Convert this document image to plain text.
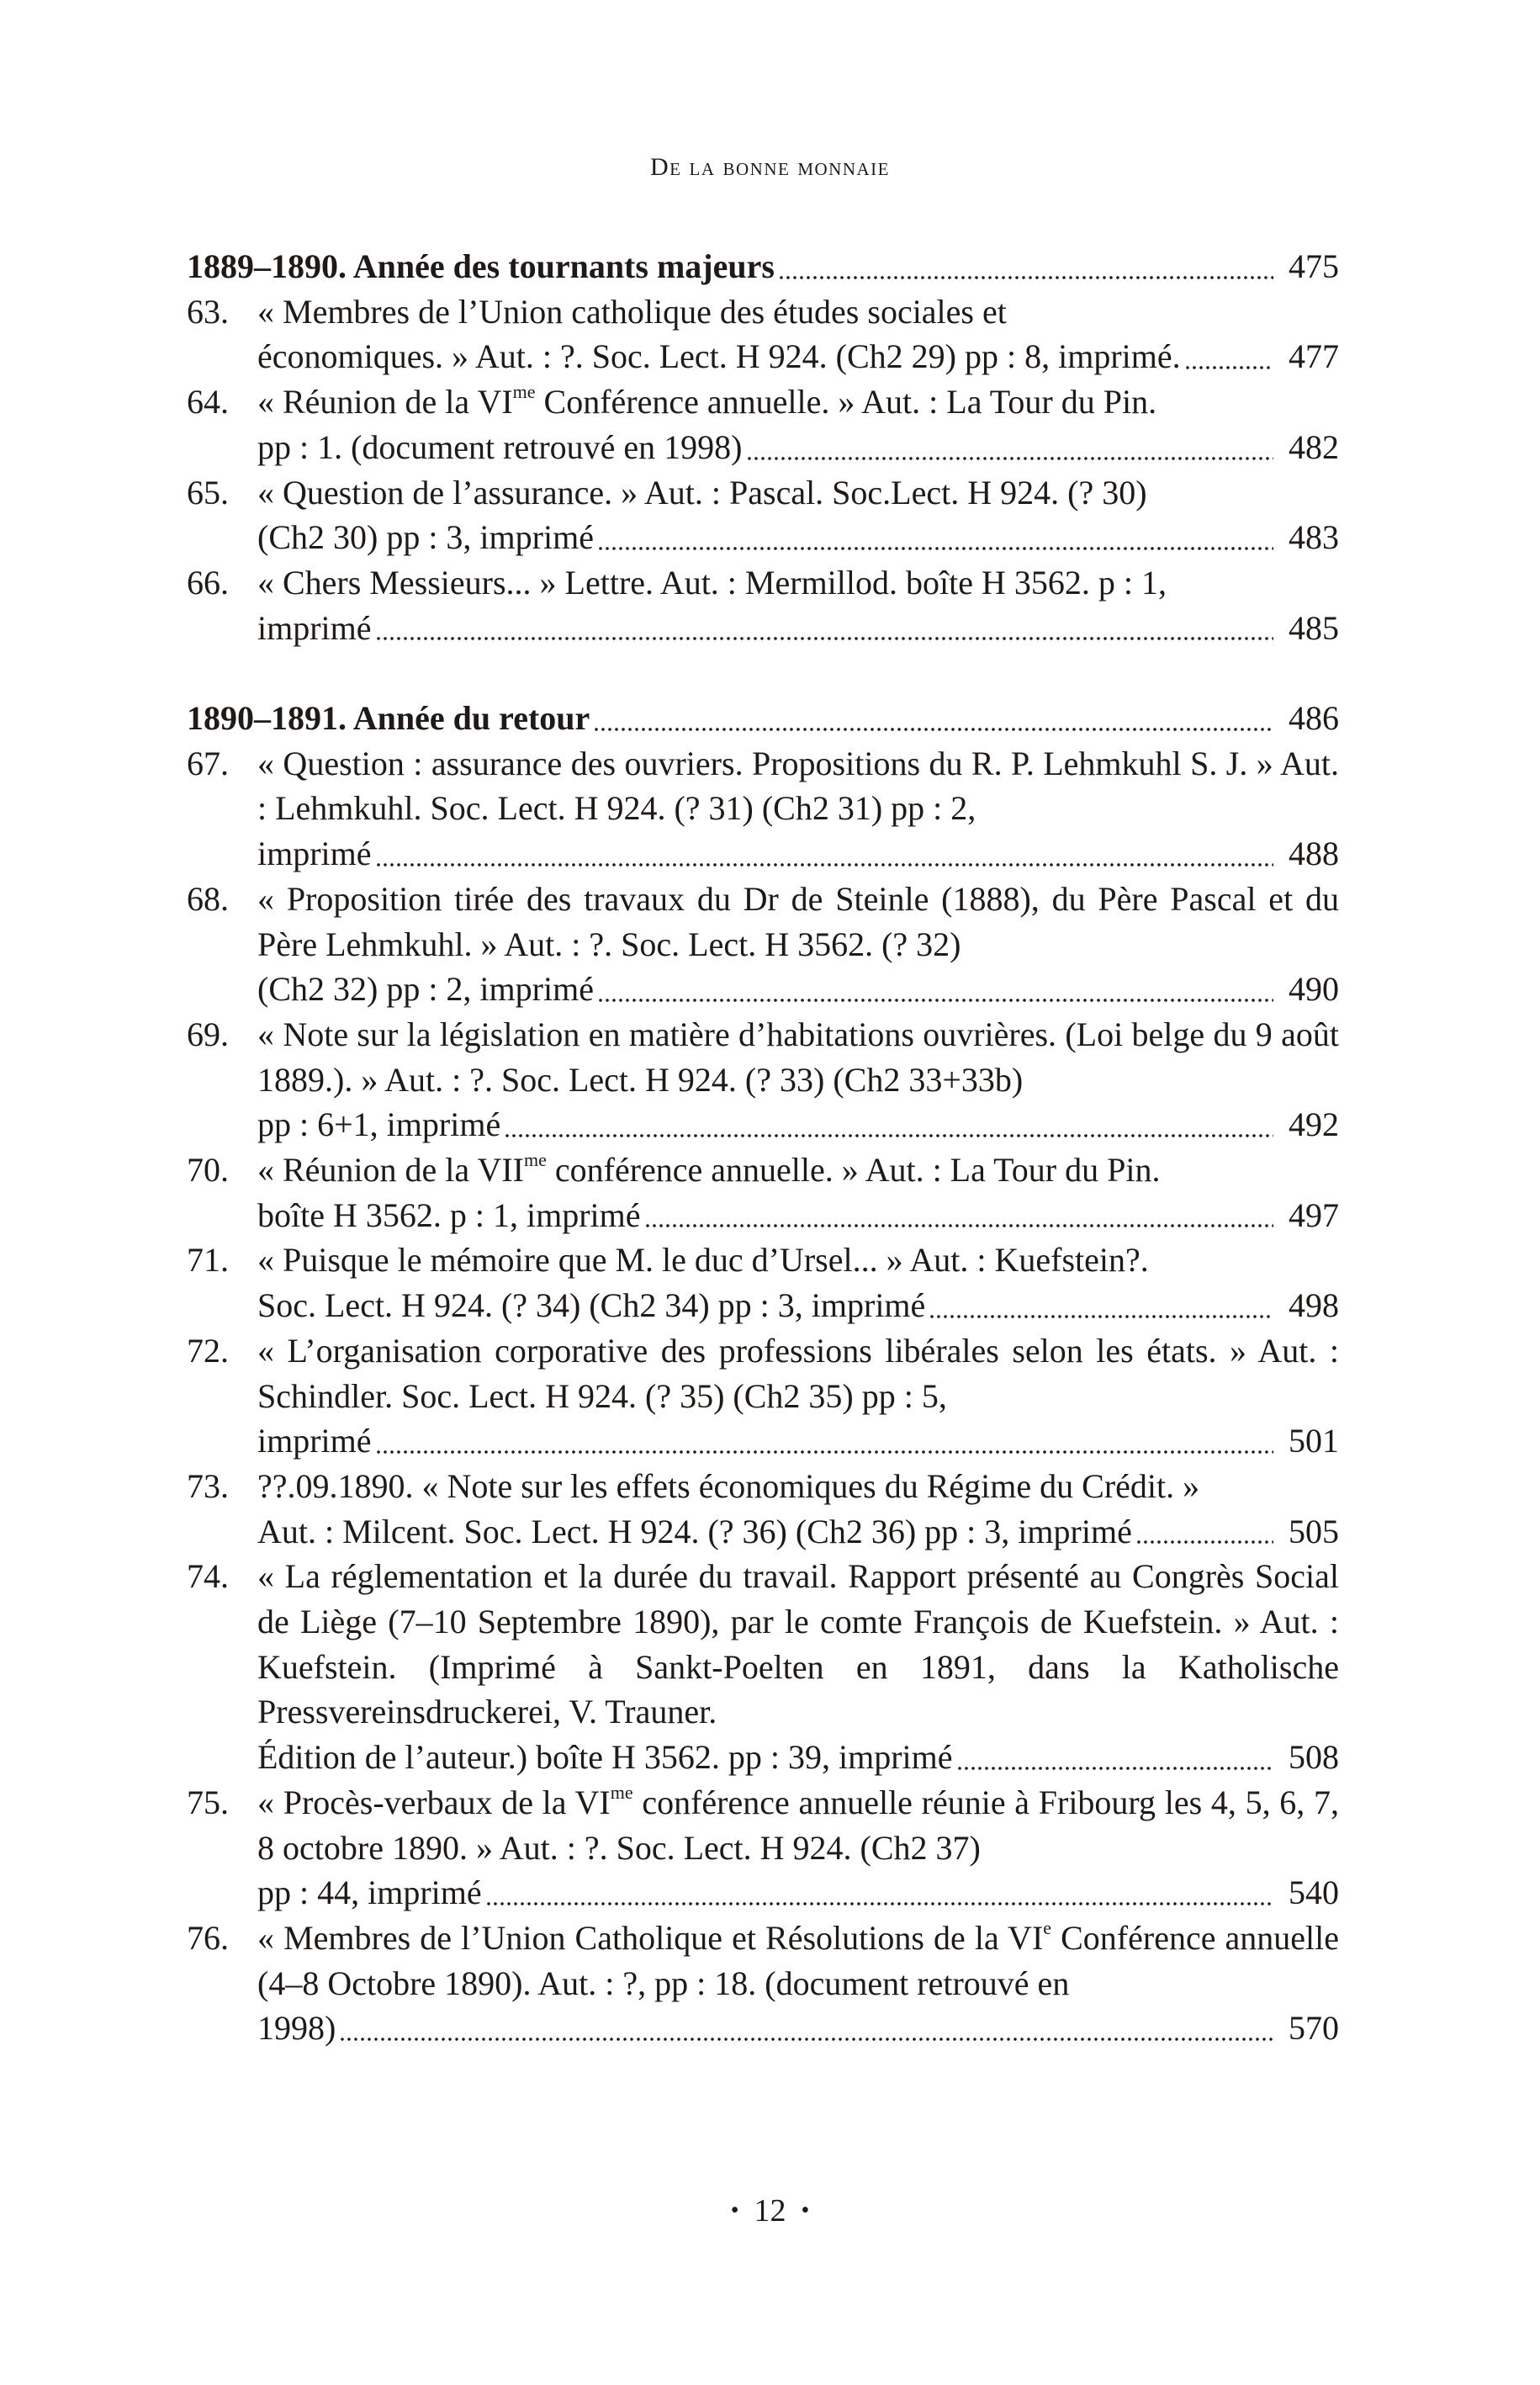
De la bonne monnaie
1889–1890. Année des tournants majeurs	475
63. « Membres de l’Union catholique des études sociales et
économiques. » Aut. : ?. Soc. Lect. H 924. (Ch2 29) pp : 8, imprimé.	477
64. « Réunion de la $VI^{me}$ Conférence annuelle. » Aut. : La Tour du Pin.
pp : 1. (document retrouvé en 1998)	482
65. « Question de l’assurance. » Aut. : Pascal. Soc.Lect. H 924. (? 30)
(Ch2 30) pp : 3, imprimé	483
66. « Chers Messieurs... » Lettre. Aut. : Mermillod. boîte H 3562. p : 1,
imprimé	485
1890–1891. Année du retour	486
67. « Question : assurance des ouvriers. Propositions du R. P. Lehmkuhl S. J. » Aut. : Lehmkuhl. Soc. Lect. H 924. (? 31) (Ch2 31) pp : 2,
imprimé	488
68. « Proposition tirée des travaux du Dr de Steinle (1888), du Père Pascal et du Père Lehmkuhl. » Aut. : ?. Soc. Lect. H 3562. (? 32)
(Ch2 32) pp : 2, imprimé	490
69. « Note sur la législation en matière d’habitations ouvrières. (Loi belge du 9 août 1889.). » Aut. : ?. Soc. Lect. H 924. (? 33) (Ch2 33+33b)
pp : 6+1, imprimé	492
70. « Réunion de la $VII^{me}$ conférence annuelle. » Aut. : La Tour du Pin.
boîte H 3562. p : 1, imprimé	497
71. « Puisque le mémoire que M. le duc d’Ursel... » Aut. : Kuefstein?.
Soc. Lect. H 924. (? 34) (Ch2 34) pp : 3, imprimé	498
72. « L’organisation corporative des professions libérales selon les états. » Aut. : Schindler. Soc. Lect. H 924. (? 35) (Ch2 35) pp : 5,
imprimé	501
73. ??.09.1890. « Note sur les effets économiques du Régime du Crédit. »
Aut. : Milcent. Soc. Lect. H 924. (? 36) (Ch2 36) pp : 3, imprimé	505
74. « La réglementation et la durée du travail. Rapport présenté au Congrès Social de Liège (7–10 Septembre 1890), par le comte François de Kuefstein. » Aut. : Kuefstein. (Imprimé à Sankt-Poelten en 1891, dans la Katholische Pressvereinsdruckerei, V. Trauner.
Édition de l’auteur.) boîte H 3562. pp : 39, imprimé	508
75. « Procès-verbaux de la $VI^{me}$ conférence annuelle réunie à Fribourg les 4, 5, 6, 7, 8 octobre 1890. » Aut. : ?. Soc. Lect. H 924. (Ch2 37)
pp : 44, imprimé	540
76. « Membres de l’Union Catholique et Résolutions de la VIe Conférence annuelle (4–8 Octobre 1890). Aut. : ?, pp : 18. (document retrouvé en
1998)	570
• 12 •
